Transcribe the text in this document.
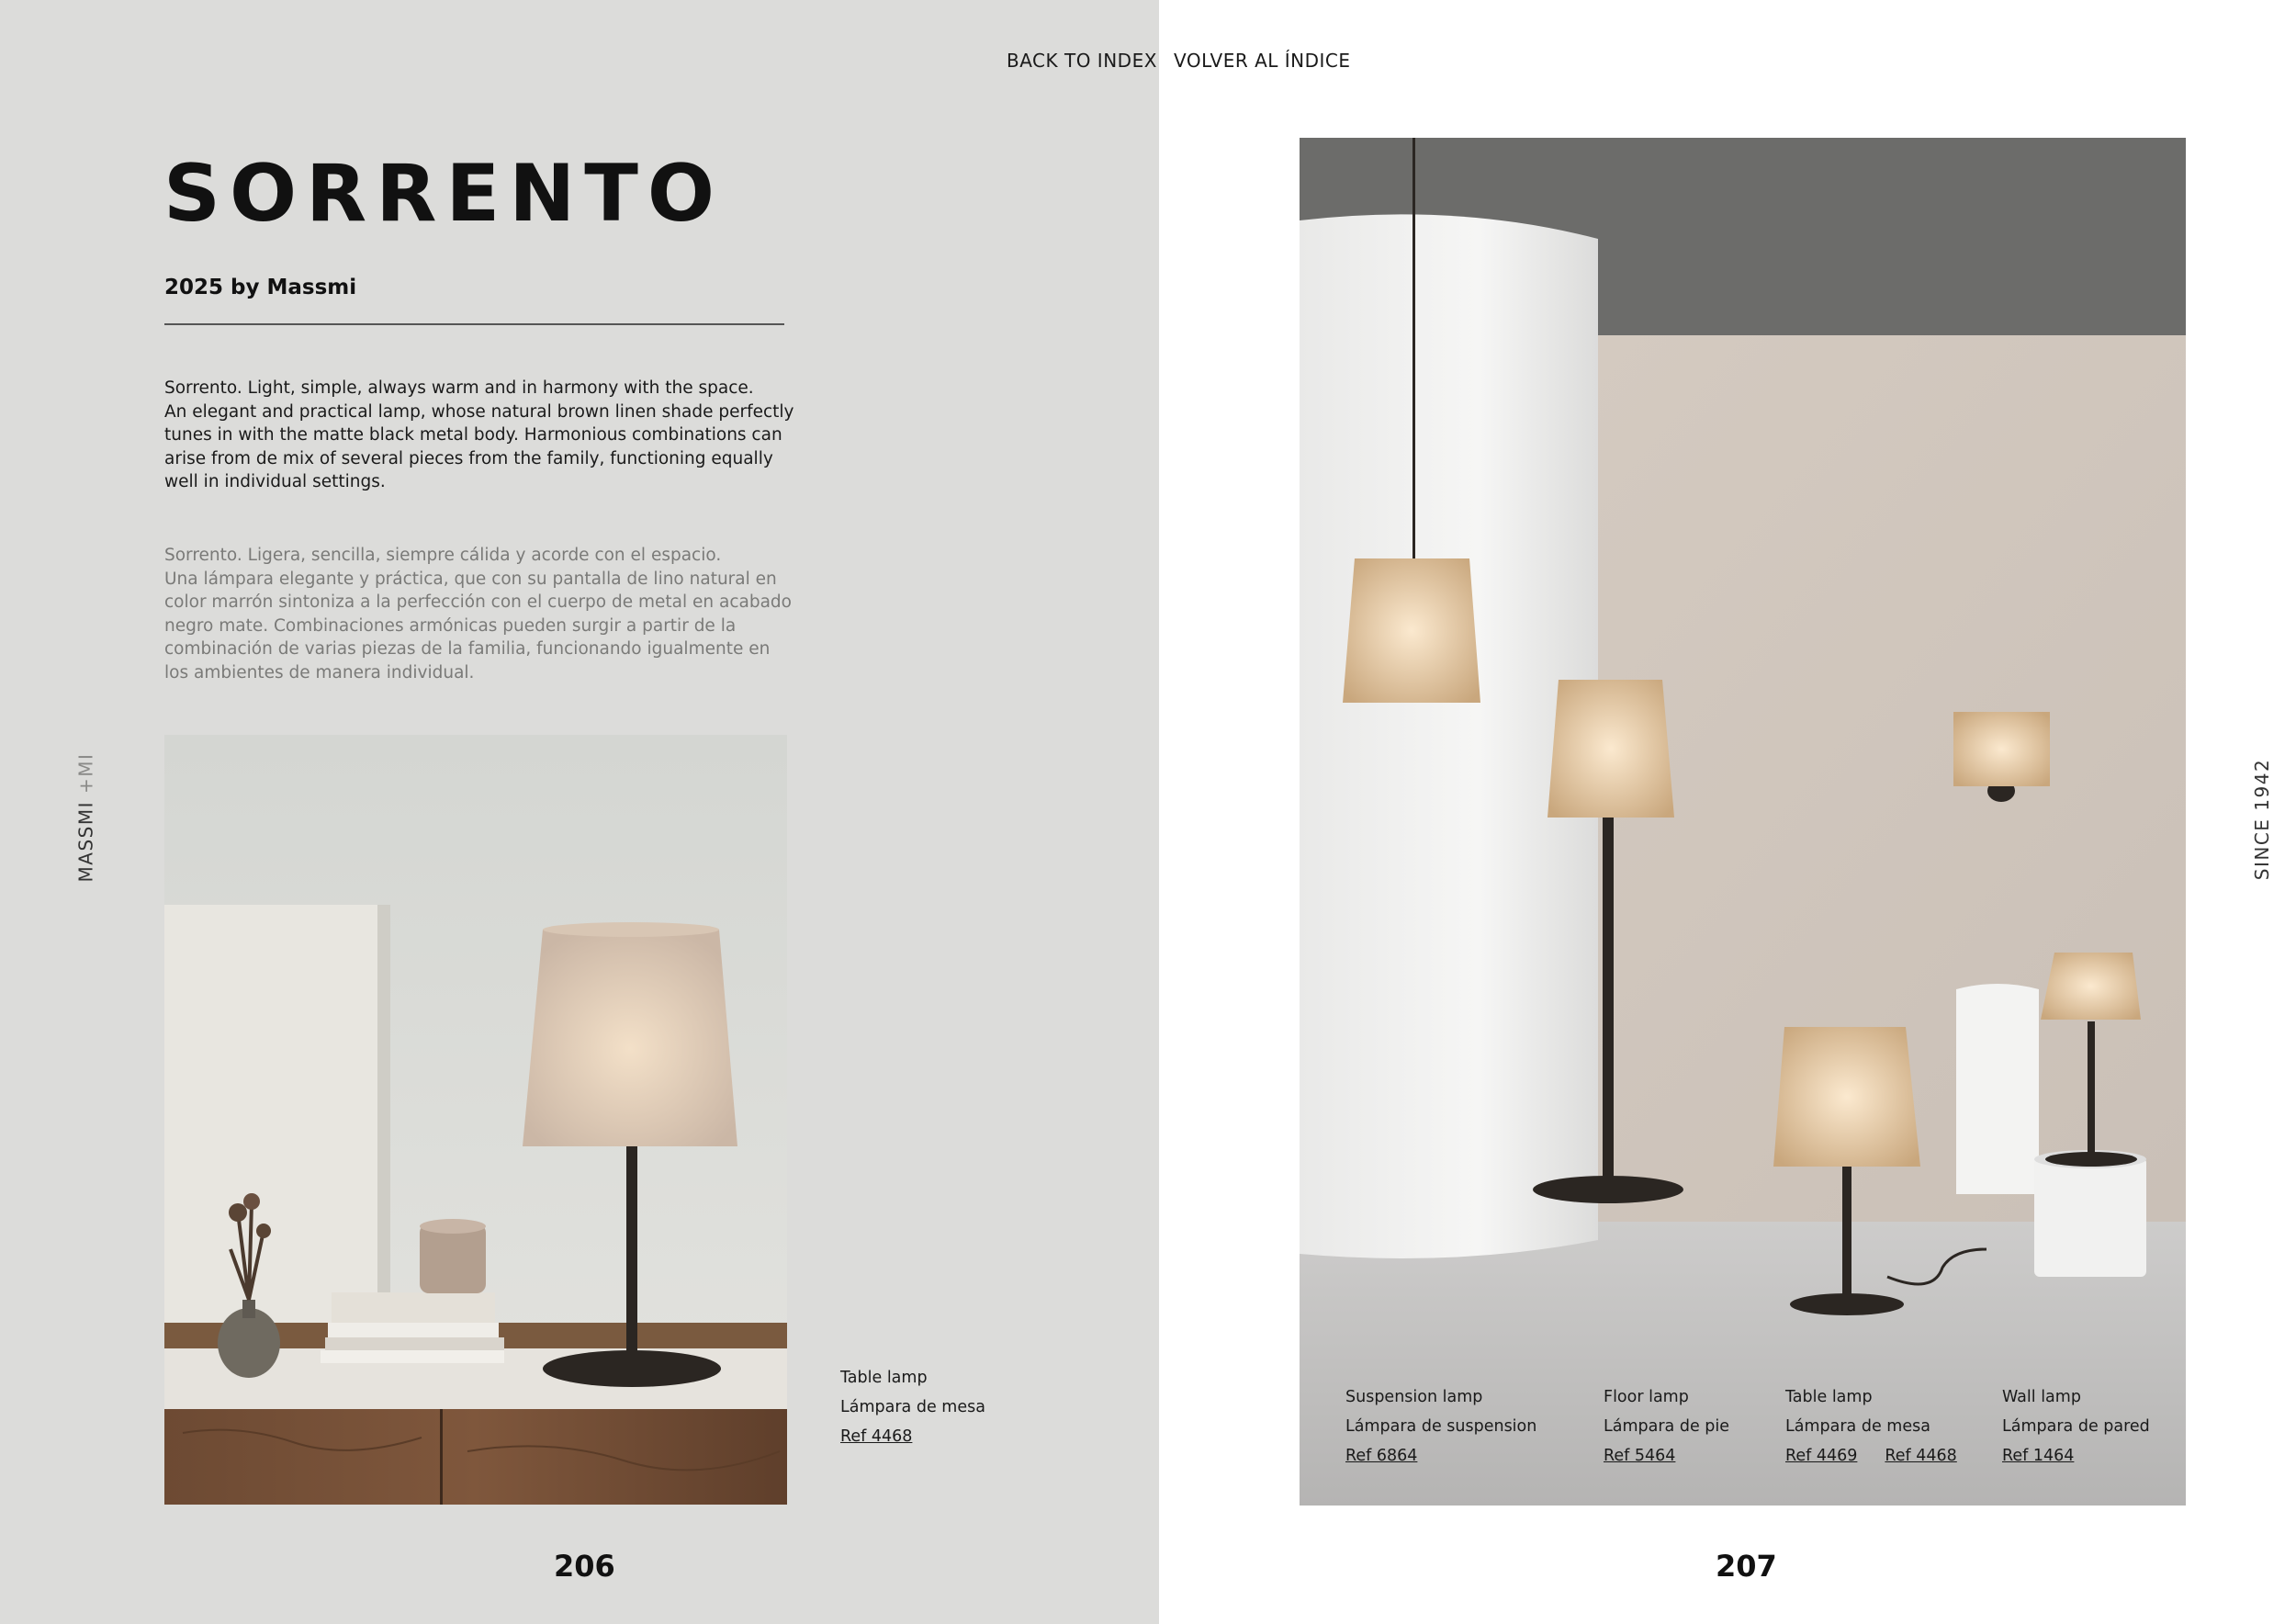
BACK TO INDEX VOLVER AL ÍNDICE
SORRENTO
2025 by Massmi

Sorrento. Light, simple, always warm and in harmony with the space.
An elegant and practical lamp, whose natural brown linen shade perfectly tunes in with the matte black metal body. Harmonious combinations can arise from de mix of several pieces from the family, functioning equally well in individual settings.

Sorrento. Ligera, sencilla, siempre cálida y acorde con el espacio.
Una lámpara elegante y práctica, que con su pantalla de lino natural en color marrón sintoniza a la perfección con el cuerpo de metal en acabado negro mate. Combinaciones armónicas pueden surgir a partir de la combinación de varias piezas de la familia, funcionando igualmente en los ambientes de manera individual.

MASSMI+MI	SINCE 1942
Table lamp
Lámpara de mesa
Ref 4468
Suspension lamp
Lámpara de suspension
Ref 6864
Floor lamp
Lámpara de pie
Ref 5464
Table lamp
Lámpara de mesa
Ref 4469 Ref 4468
Wall lamp
Lámpara de pared
Ref 1464
206	207
